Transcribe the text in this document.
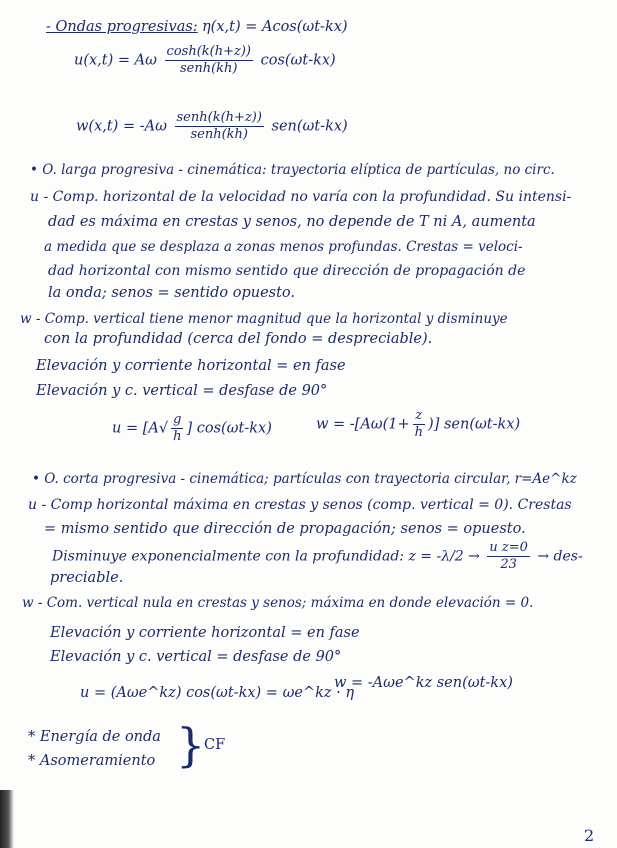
- Ondas progresivas: η(x,t) = Acos(ωt-kx)
u(x,t) = Aω $\frac{\cosh(k(h+z))}{\text{senh(kh)}} \cos(\omega t-kx)$
$w(x,t) = -A\omega \frac{\text{senh(k(h+z))}}{\text{senh(kh)}} sen(\omega t-kx)$
• O. larga progresiva - cinemática: trayectoria elíptica de partículas, no circ.
u - Comp. horizontal de la velocidad no varía con la profundidad. Su intensi-
dad es máxima en crestas y senos, no depende de T ni A, aumenta
a medida que se desplaza a zonas menos profundas. Crestas = veloci-
dad horizontal con mismo sentido que dirección de propagación de
la onda; senos = sentido opuesto.
w - Comp. vertical tiene menor magnitud que la horizontal y disminuye
con la profundidad (cerca del fondo = despreciable).
Elevación y corriente horizontal = en fase
Elevación y c. vertical = desfase de 90°
$u = [A√ \frac{g}{h}$ ] cos(ωt-kx)	$w = -[A\omega(1+ \frac{z}{h}$ )] sen(ωt-kx)
• O. corta progresiva - cinemática; partículas con trayectoria circular, r=Ae^kz
u - Comp horizontal máxima en crestas y senos (comp. vertical = 0). Crestas
= mismo sentido que dirección de propagación; senos = opuesto.
Disminuye exponencialmente con la profundidad: $z = -\lambda/2 \to \frac{\text{u z=0}}{23} \to des-$
preciable.
w - Com. vertical nula en crestas y senos; máxima en donde elevación = 0.
Elevación y corriente horizontal = en fase
Elevación y c. vertical = desfase de 90°
u = (Aωe^kz) cos(ωt-kx) = ωe^kz · η
w = -Aωe^kz sen(ωt-kx)
* Energía de onda
* Asomeramiento }
CF
2
